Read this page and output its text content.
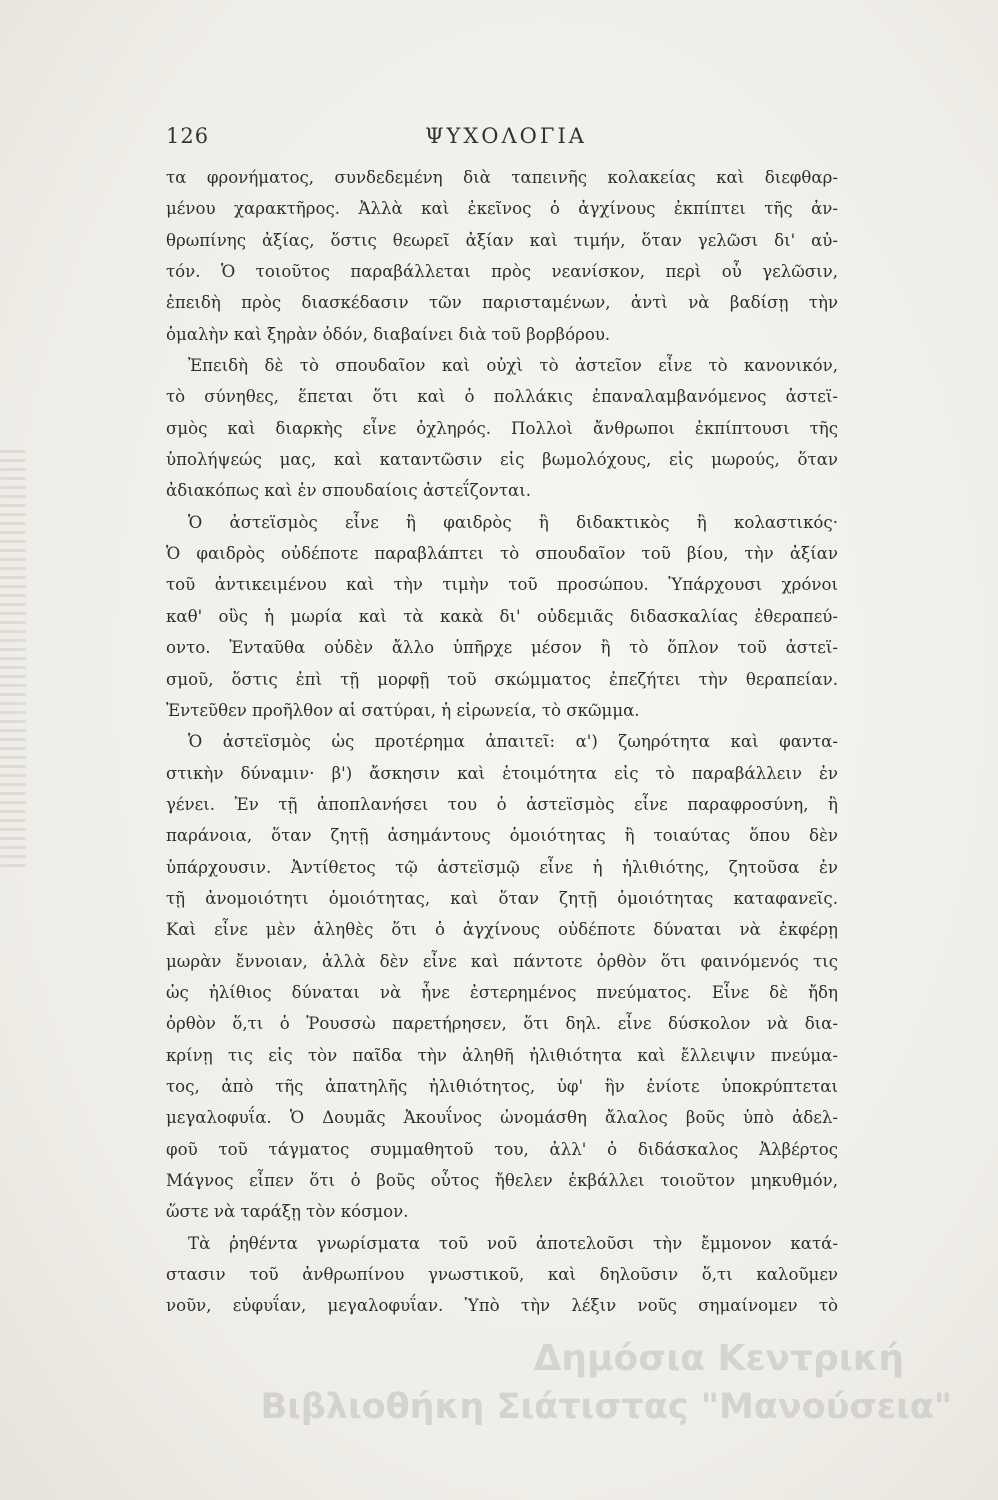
126	ΨΥΧΟΛΟΓΙΑ
τα φρονήματος, συνδεδεμένη διὰ ταπεινῆς κολακείας καὶ διεφθαρ-
μένου χαρακτῆρος. Ἀλλὰ καὶ ἐκεῖνος ὁ ἀγχίνους ἐκπίπτει τῆς ἀν-
θρωπίνης ἀξίας, ὅστις θεωρεῖ ἀξίαν καὶ τιμήν, ὅταν γελῶσι δι' αὐ-
τόν. Ὁ τοιοῦτος παραβάλλεται πρὸς νεανίσκον, περὶ οὗ γελῶσιν,
ἐπειδὴ πρὸς διασκέδασιν τῶν παρισταμένων, ἀντὶ νὰ βαδίσῃ τὴν
ὁμαλὴν καὶ ξηρὰν ὁδόν, διαβαίνει διὰ τοῦ βορβόρου.
Ἐπειδὴ δὲ τὸ σπουδαῖον καὶ οὐχὶ τὸ ἀστεῖον εἶνε τὸ κανονικόν,
τὸ σύνηθες, ἕπεται ὅτι καὶ ὁ πολλάκις ἐπαναλαμβανόμενος ἀστεϊ-
σμὸς καὶ διαρκὴς εἶνε ὀχληρός. Πολλοὶ ἄνθρωποι ἐκπίπτουσι τῆς
ὑπολήψεώς μας, καὶ καταντῶσιν εἰς βωμολόχους, εἰς μωρούς, ὅταν
ἀδιακόπως καὶ ἐν σπουδαίοις ἀστεΐζονται.
Ὁ ἀστεϊσμὸς εἶνε ἢ φαιδρὸς ἢ διδακτικὸς ἢ κολαστικός·
Ὁ φαιδρὸς οὐδέποτε παραβλάπτει τὸ σπουδαῖον τοῦ βίου, τὴν ἀξίαν
τοῦ ἀντικειμένου καὶ τὴν τιμὴν τοῦ προσώπου. Ὑπάρχουσι χρόνοι
καθ' οὓς ἡ μωρία καὶ τὰ κακὰ δι' οὐδεμιᾶς διδασκαλίας ἐθεραπεύ-
οντο. Ἐνταῦθα οὐδὲν ἄλλο ὑπῆρχε μέσον ἢ τὸ ὅπλον τοῦ ἀστεϊ-
σμοῦ, ὅστις ἐπὶ τῇ μορφῇ τοῦ σκώμματος ἐπεζήτει τὴν θεραπείαν.
Ἐντεῦθεν προῆλθον αἱ σατύραι, ἡ εἰρωνεία, τὸ σκῶμμα.
Ὁ ἀστεϊσμὸς ὡς προτέρημα ἀπαιτεῖ: α') ζωηρότητα καὶ φαντα-
στικὴν δύναμιν· β') ἄσκησιν καὶ ἑτοιμότητα εἰς τὸ παραβάλλειν ἐν
γένει. Ἐν τῇ ἀποπλανήσει του ὁ ἀστεϊσμὸς εἶνε παραφροσύνη, ἢ
παράνοια, ὅταν ζητῇ ἀσημάντους ὁμοιότητας ἢ τοιαύτας ὅπου δὲν
ὑπάρχουσιν. Ἀντίθετος τῷ ἀστεϊσμῷ εἶνε ἡ ἠλιθιότης, ζητοῦσα ἐν
τῇ ἀνομοιότητι ὁμοιότητας, καὶ ὅταν ζητῇ ὁμοιότητας καταφανεῖς.
Καὶ εἶνε μὲν ἀληθὲς ὅτι ὁ ἀγχίνους οὐδέποτε δύναται νὰ ἐκφέρῃ
μωρὰν ἔννοιαν, ἀλλὰ δὲν εἶνε καὶ πάντοτε ὀρθὸν ὅτι φαινόμενός τις
ὡς ἠλίθιος δύναται νὰ ἦνε ἐστερημένος πνεύματος. Εἶνε δὲ ἤδη
ὀρθὸν ὅ,τι ὁ Ῥουσσὼ παρετήρησεν, ὅτι δηλ. εἶνε δύσκολον νὰ δια-
κρίνῃ τις εἰς τὸν παῖδα τὴν ἀληθῆ ἠλιθιότητα καὶ ἔλλειψιν πνεύμα-
τος, ἀπὸ τῆς ἀπατηλῆς ἠλιθιότητος, ὑφ' ἣν ἐνίοτε ὑποκρύπτεται
μεγαλοφυΐα. Ὁ Δουμᾶς Ἀκουΐνος ὠνομάσθη ἄλαλος βοῦς ὑπὸ ἀδελ-
φοῦ τοῦ τάγματος συμμαθητοῦ του, ἀλλ' ὁ διδάσκαλος Ἀλβέρτος
Μάγνος εἶπεν ὅτι ὁ βοῦς οὗτος ἤθελεν ἐκβάλλει τοιοῦτον μηκυθμόν,
ὥστε νὰ ταράξῃ τὸν κόσμον.
Τὰ ῥηθέντα γνωρίσματα τοῦ νοῦ ἀποτελοῦσι τὴν ἔμμονον κατά-
στασιν τοῦ ἀνθρωπίνου γνωστικοῦ, καὶ δηλοῦσιν ὅ,τι καλοῦμεν
νοῦν, εὐφυΐαν, μεγαλοφυΐαν. Ὑπὸ τὴν λέξιν νοῦς σημαίνομεν τὸ
Δημόσια Κεντρική
Βιβλιοθήκη Σιάτιστας "Μανούσεια"
